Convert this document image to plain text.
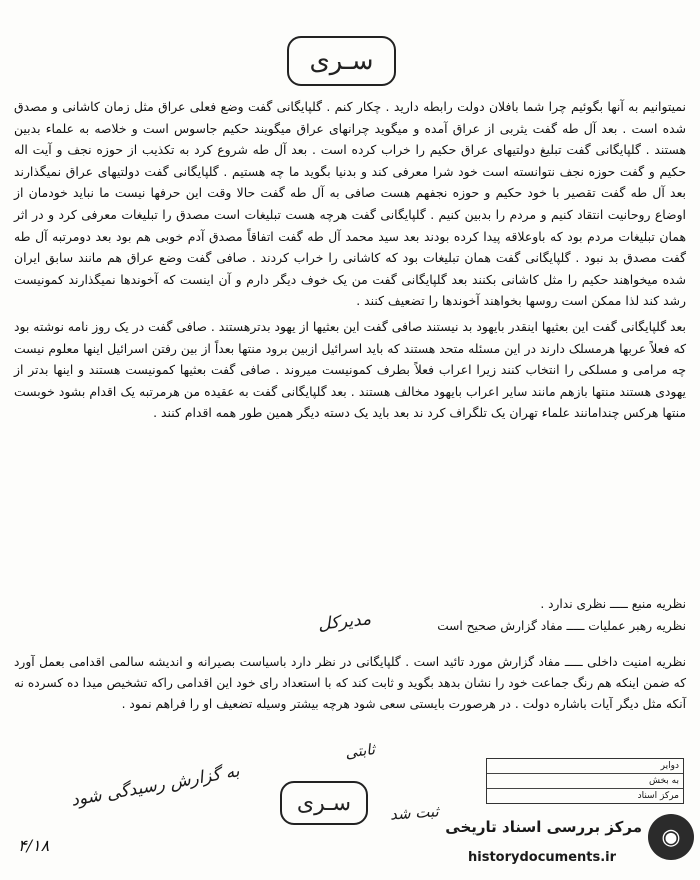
سـری

نمیتوانیم به آنها بگوئیم چرا شما بافلان دولت رابطه دارید . چکار کنم . گلپایگانی گفت وضع فعلی عراق مثل زمان کاشانی و مصدق شده است . بعد آل طه گفت یثربی از عراق آمده و میگوید چرانهای عراق میگویند حکیم جاسوس است و خلاصه به علماء بدبین هستند . گلپایگانی گفت تبلیغ دولتیهای عراق حکیم را خراب کرده است . بعد آل طه شروع کرد به تکذیب از حوزه نجف و آیت اله حکیم و گفت حوزه نجف نتوانسته است خود شرا معرفی کند و بدنیا بگوید ما چه هستیم . گلپایگانی گفت دولتیهای عراق نمیگذارند بعد آل طه گفت تقصیر با خود حکیم و حوزه نجفهم هست صافی به آل طه گفت حالا وقت این حرفها نیست ما نباید خودمان از اوضاع روحانیت انتقاد کنیم و مردم را بدبین کنیم . گلپایگانی گفت هرچه هست تبلیغات است مصدق را تبلیغات معرفی کرد و در اثر همان تبلیغات مردم بود که باوعلاقه پیدا کرده بودند بعد سید محمد آل طه گفت اتفاقاً مصدق آدم خوبی هم بود بعد دومرتبه آل طه گفت مصدق بد نبود . گلپایگانی گفت همان تبلیغات بود که کاشانی را خراب کردند . صافی گفت وضع عراق هم مانند سابق ایران شده میخواهند حکیم را مثل کاشانی بکنند بعد گلپایگانی گفت من یک خوف دیگر دارم و آن اینست که آخوندها نمیگذارند کمونیست رشد کند لذا ممکن است روسها بخواهند آخوندها را تضعیف کنند .

بعد گلپایگانی گفت این بعثیها اینقدر بایهود بد نیستند صافی گفت این بعثیها از یهود بدترهستند . صافی گفت در یک روز نامه نوشته بود که فعلاً عربها هرمسلک دارند در این مسئله متحد هستند که باید اسرائیل ازبین برود منتها بعداً از بین رفتن اسرائیل اینها معلوم نیست چه مرامی و مسلکی را انتخاب کنند زیرا اعراب فعلاً بطرف کمونیست میروند . صافی گفت بعثیها کمونیست هستند و اینها بدتر از یهودی هستند منتها بازهم مانند سایر اعراب بایهود مخالف هستند . بعد گلپایگانی گفت به عقیده من هرمرتبه یک اقدام بشود خوبست منتها هرکس چندامانند علماء تهران یک تلگراف کرد ند بعد باید یک دسته دیگر همین طور همه اقدام کنند .

نظریه منبع ـــــ نظری ندارد .
نظریه رهبر عملیات ـــــ مفاد گزارش صحیح است
نظریه امنیت داخلی ـــــ مفاد گزارش مورد تائید است . گلپایگانی در نظر دارد باسیاست بصیرانه و اندیشه سالمی اقدامی بعمل آورد که ضمن اینکه هم رنگ جماعت خود را نشان بدهد بگوید و ثابت کند که با استعداد رای خود این اقدامی راکه تشخیص میدا ده کسرده نه آنکه مثل دیگر آیات باشاره دولت . در هرصورت بایستی سعی شود هرچه بیشتر وسیله تضعیف او را فراهم نمود .
مدیرکل
ثابتی
به گزارش رسیدگی شود
ثبت شد
۴/۱۸
دوایر
به بخش
مرکز اسناد
سـری
◉
مرکز بررسی اسناد تاریخی
historydocuments.ir
